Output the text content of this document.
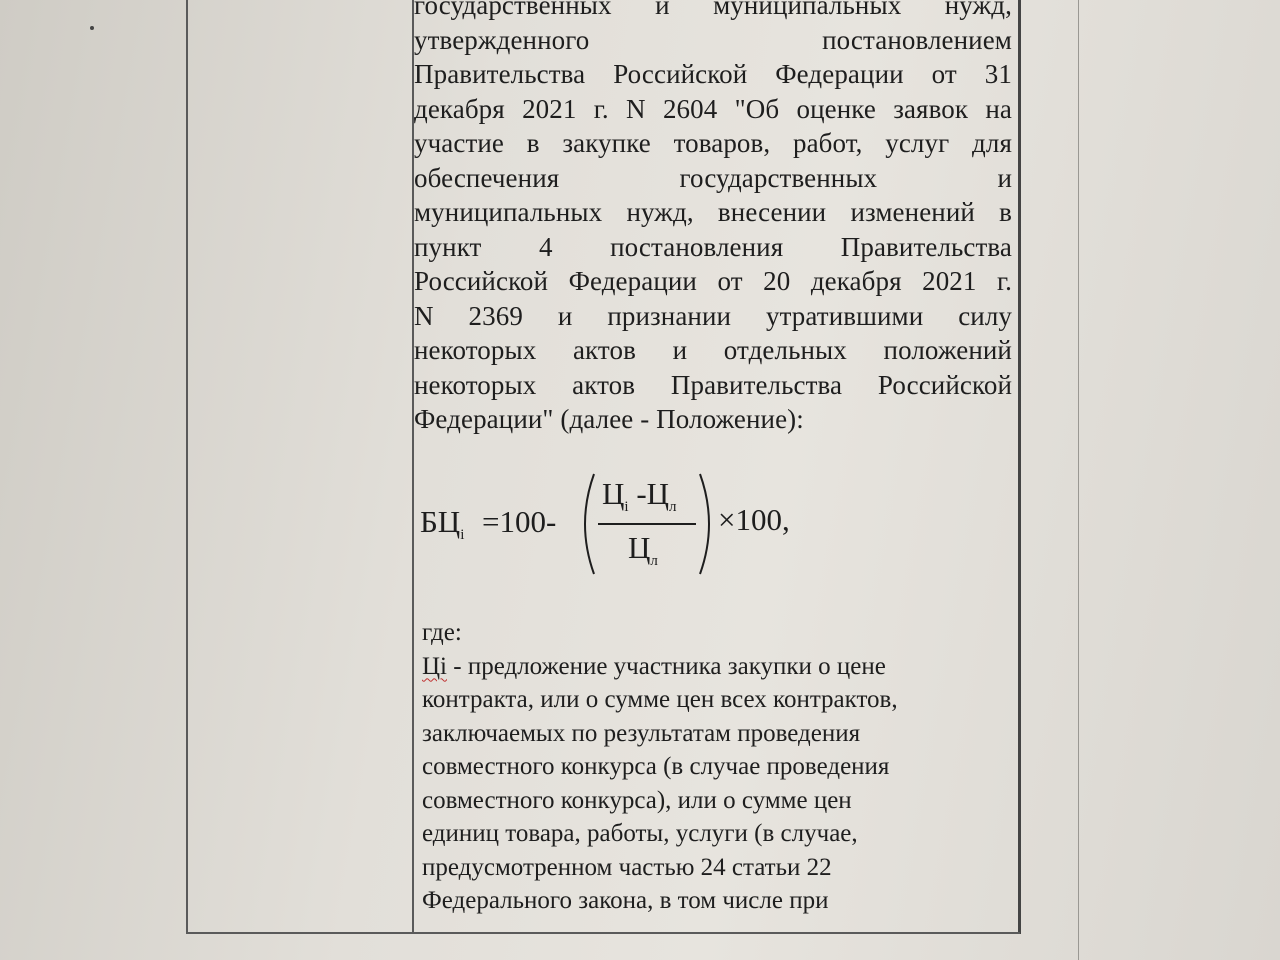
государственных и муниципальных нужд,
утвержденного постановлением
Правительства Российской Федерации от 31
декабря 2021 г. N 2604 "Об оценке заявок на
участие в закупке товаров, работ, услуг для
обеспечения государственных и
муниципальных нужд, внесении изменений в
пункт 4 постановления Правительства
Российской Федерации от 20 декабря 2021 г.
N 2369 и признании утратившими силу
некоторых актов и отдельных положений
некоторых актов Правительства Российской
Федерации" (далее - Положение):
$БЦ_i =100-$
$Ц_i$ $-Ц_л$
$Ц_л$
×100,
где:
Цi - предложение участника закупки о цене
контракта, или о сумме цен всех контрактов,
заключаемых по результатам проведения
совместного конкурса (в случае проведения
совместного конкурса), или о сумме цен
единиц товара, работы, услуги (в случае,
предусмотренном частью 24 статьи 22
Федерального закона, в том числе при
